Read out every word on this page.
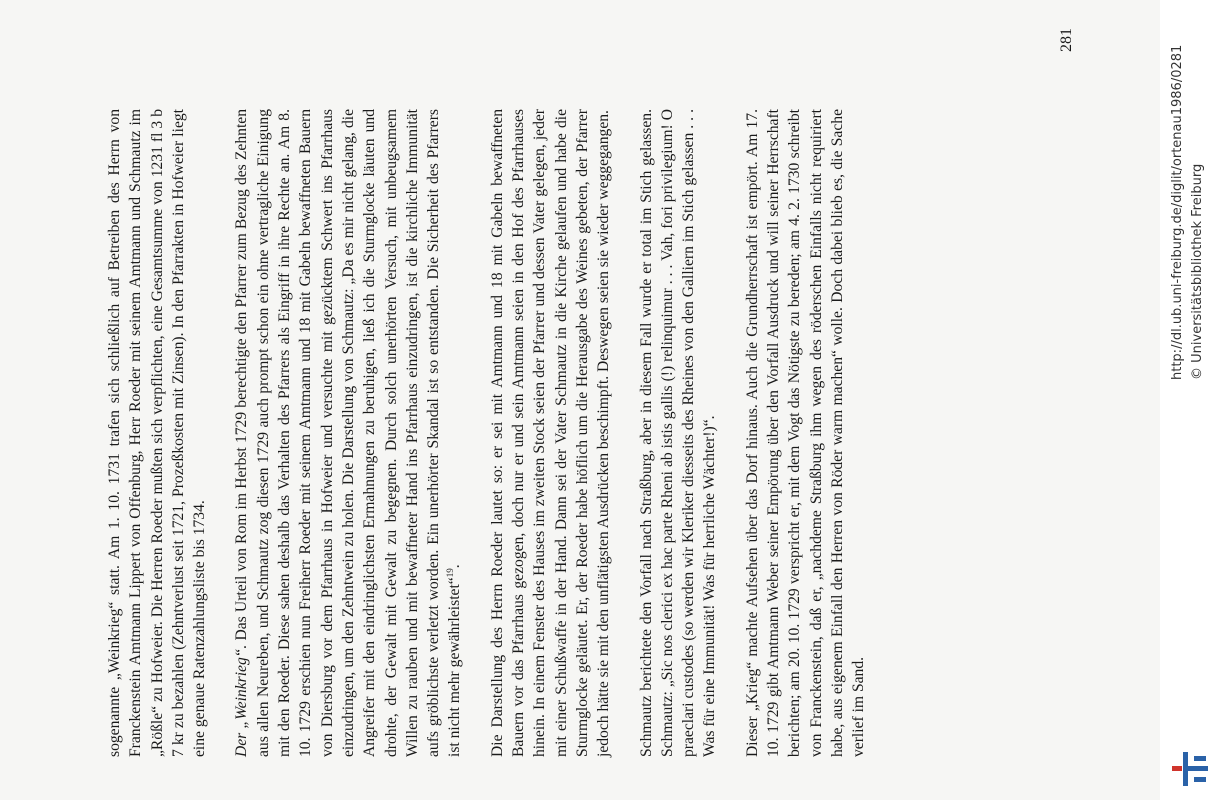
sogenannte „Weinkrieg“ statt. Am 1. 10. 1731 trafen sich schließlich auf Betreiben des Herrn von Franckenstein Amtmann Lippert von Offenburg, Herr Roeder mit seinem Amtmann und Schmautz im „Rößle“ zu Hofweier. Die Herren Roeder mußten sich verpflichten, eine Gesamtsumme von 1231 fl 3 b 7 kr zu bezahlen (Zehntverlust seit 1721, Prozeßkosten mit Zinsen). In den Pfarrakten in Hofweier liegt eine genaue Ratenzahlungsliste bis 1734. Der „Weinkrieg“. Das Urteil von Rom im Herbst 1729 berechtigte den Pfarrer zum Bezug des Zehnten aus allen Neureben, und Schmautz zog diesen 1729 auch prompt schon ein ohne vertragliche Einigung mit den Roeder. Diese sahen deshalb das Verhalten des Pfarrers als Eingriff in ihre Rechte an. Am 8. 10. 1729 erschien nun Freiherr Roeder mit seinem Amtmann und 18 mit Gabeln bewaffneten Bauern von Diersburg vor dem Pfarrhaus in Hofweier und versuchte mit gezücktem Schwert ins Pfarrhaus einzudringen, um den Zehntwein zu holen. Die Darstellung von Schmautz: „Da es mir nicht gelang, die Angreifer mit den eindringlichsten Ermahnungen zu beruhigen, ließ ich die Sturmglocke läuten und drohte, der Gewalt mit Gewalt zu begegnen. Durch solch unerhörten Versuch, mit unbeugsamem Willen zu rauben und mit bewaffneter Hand ins Pfarrhaus einzudringen, ist die kirchliche Immunität aufs gröblichste verletzt worden. Ein unerhörter Skandal ist so entstanden. Die Sicherheit des Pfarrers ist nicht mehr gewährleistet“$^{19}$. Die Darstellung des Herrn Roeder lautet so: er sei mit Amtmann und 18 mit Gabeln bewaffneten Bauern vor das Pfarrhaus gezogen, doch nur er und sein Amtmann seien in den Hof des Pfarrhauses hinein. In einem Fenster des Hauses im zweiten Stock seien der Pfarrer und dessen Vater gelegen, jeder mit einer Schußwaffe in der Hand. Dann sei der Vater Schmautz in die Kirche gelaufen und habe die Sturmglocke geläutet. Er, der Roeder habe höflich um die Herausgabe des Weines gebeten, der Pfarrer jedoch hätte sie mit den unflätigsten Ausdrücken beschimpft. Deswegen seien sie wieder weggegangen. Schmautz berichtete den Vorfall nach Straßburg, aber in diesem Fall wurde er total im Stich gelassen. Schmautz: „Sic nos clerici ex hac parte Rheni ab istis gallis (!) relinquimur . . . Vah, fori privilegium! O praeclari custodes (so werden wir Kleriker diesseits des Rheines von den Galliern im Stich gelassen . . . Was für eine Immunität! Was für herrliche Wächter!)“. Dieser „Krieg“ machte Aufsehen über das Dorf hinaus. Auch die Grundherrschaft ist empört. Am 17. 10. 1729 gibt Amtmann Weber seiner Empörung über den Vorfall Ausdruck und will seiner Herrschaft berichten; am 20. 10. 1729 verspricht er, mit dem Vogt das Nötigste zu bereden; am 4. 2. 1730 schreibt von Franckenstein, daß er, „nachdeme Straßburg ihm wegen des röderschen Einfalls nicht requiriert habe, aus eigenem Einfall den Herren von Röder warm machen“ wolle. Doch dabei blieb es, die Sache verlief im Sand.

281
http://dl.ub.uni-freiburg.de/diglit/ortenau1986/0281 © Universitätsbibliothek Freiburg
